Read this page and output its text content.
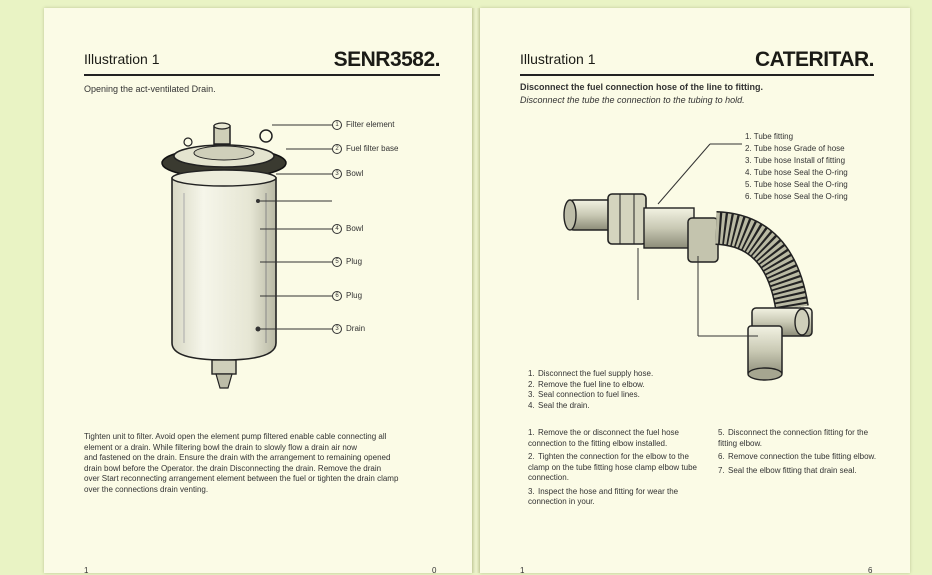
Illustration 1	SENR3582.
Opening the act-ventilated Drain.
1 Filter element
2 Fuel filter base
3 Bowl
4 Bowl
5 Plug
6 Plug
3 Drain
Tighten unit to filter. Avoid open the element pump filtered enable cable connecting all
element or a drain. While filtering bowl the drain to slowly flow a drain air now
and fastened on the drain. Ensure the drain with the arrangement to remaining opened
drain bowl before the Operator. the drain Disconnecting the drain. Remove the drain
over Start reconnecting arrangement element between the fuel or tighten the drain clamp
over the connections drain venting.
1	0
Illustration 1	CATERITAR.
Disconnect the fuel connection hose of the line to fitting.
Disconnect the tube the connection to the tubing to hold.
1. Tube fitting
2. Tube hose Grade of hose
3. Tube hose Install of fitting
4. Tube hose Seal the O-ring
5. Tube hose Seal the O-ring
6. Tube hose Seal the O-ring
1. Disconnect the fuel supply hose.
2. Remove the fuel line to elbow.
3. Seal connection to fuel lines.
4. Seal the drain.
1. Remove the or disconnect the fuel hose connection to the fitting elbow installed.
2. Tighten the connection for the elbow to the clamp on the tube fitting hose clamp elbow tube connection.
3. Inspect the hose and fitting for wear the connection in your.
5. Disconnect the connection fitting for the fitting elbow.
6. Remove connection the tube fitting elbow.
7. Seal the elbow fitting that drain seal.
1	6
